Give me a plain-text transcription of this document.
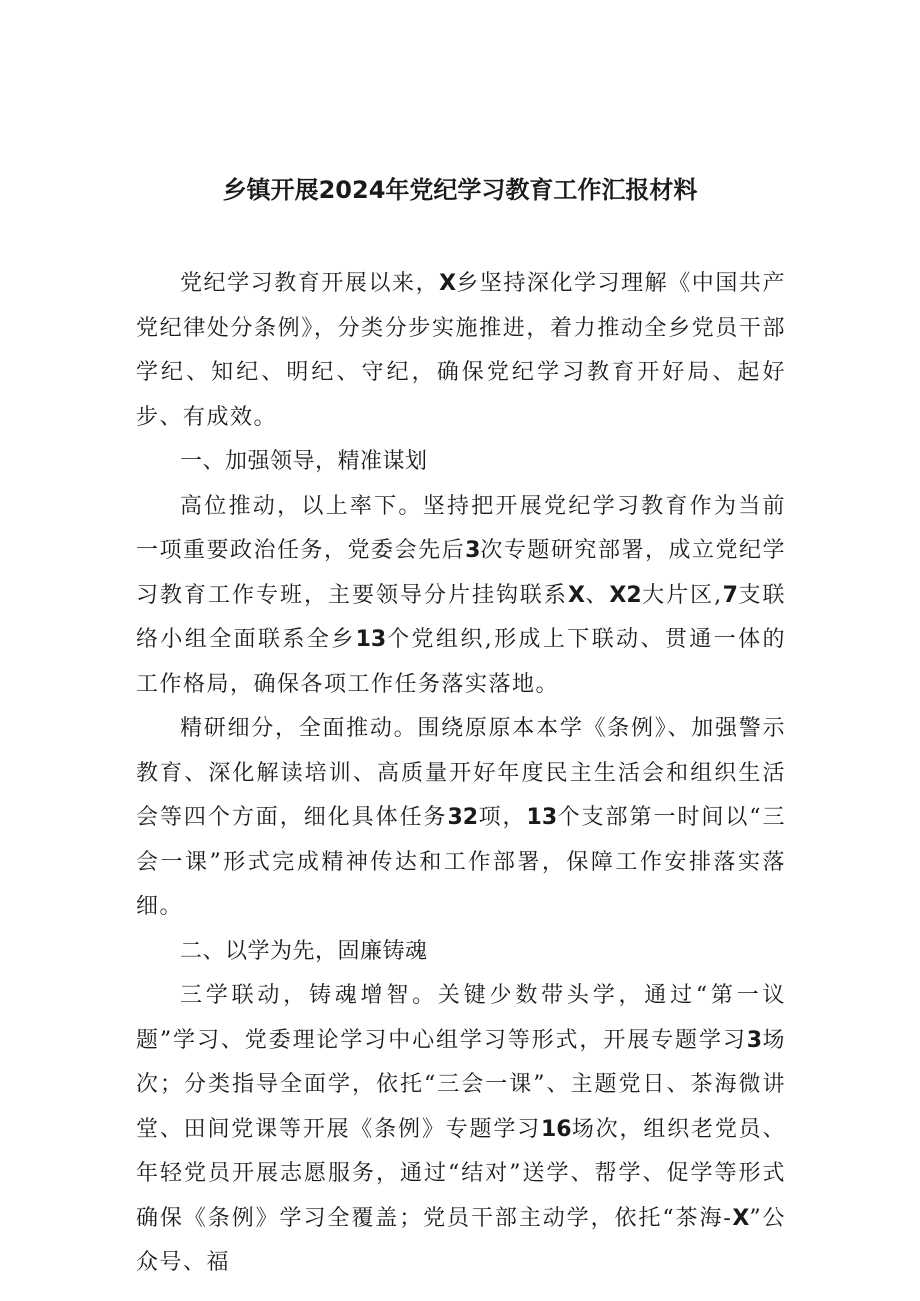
乡镇开展2024年党纪学习教育工作汇报材料

党纪学习教育开展以来，X乡坚持深化学习理解《中国共产党纪律处分条例》，分类分步实施推进，着力推动全乡党员干部学纪、知纪、明纪、守纪，确保党纪学习教育开好局、起好步、有成效。

一、加强领导，精准谋划

高位推动，以上率下。坚持把开展党纪学习教育作为当前一项重要政治任务，党委会先后3次专题研究部署，成立党纪学习教育工作专班，主要领导分片挂钩联系X、X2大片区,7支联络小组全面联系全乡13个党组织,形成上下联动、贯通一体的工作格局，确保各项工作任务落实落地。

精研细分，全面推动。围绕原原本本学《条例》、加强警示教育、深化解读培训、高质量开好年度民主生活会和组织生活会等四个方面，细化具体任务32项，13个支部第一时间以“三会一课”形式完成精神传达和工作部署，保障工作安排落实落细。

二、以学为先，固廉铸魂

三学联动，铸魂增智。关键少数带头学，通过“第一议题”学习、党委理论学习中心组学习等形式，开展专题学习3场次；分类指导全面学，依托“三会一课”、主题党日、茶海微讲堂、田间党课等开展《条例》专题学习16场次，组织老党员、年轻党员开展志愿服务，通过“结对”送学、帮学、促学等形式确保《条例》学习全覆盖；党员干部主动学，依托“茶海-X”公众号、福
